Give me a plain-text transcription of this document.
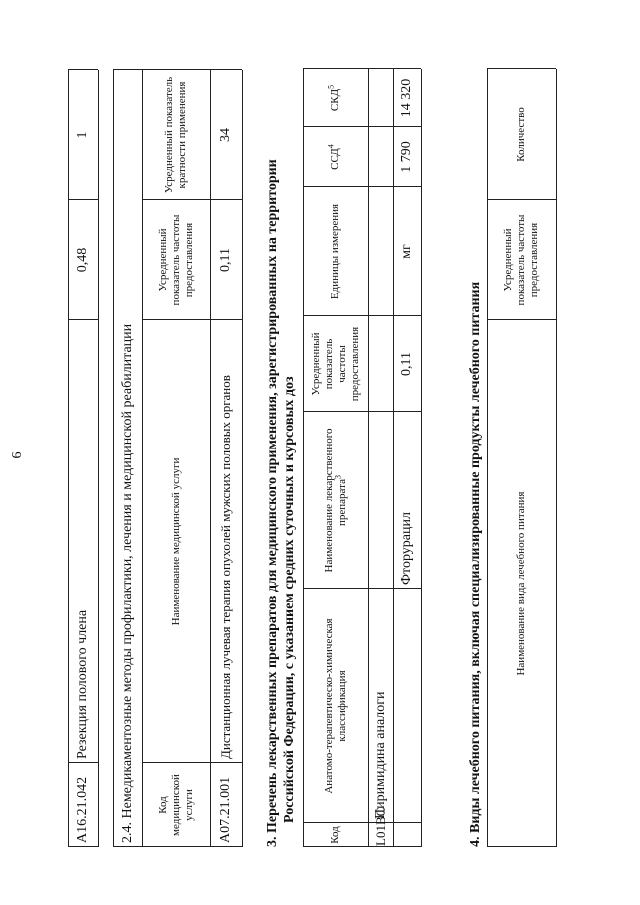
6
A16.21.042
Резекция полового члена
0,48
1
2.4. Немедикаментозные методы профилактики, лечения и медицинской реабилитации	Код медицинской услуги
Наименование медицинской услуги
Усредненный показатель частоты предоставления
Усредненный показатель кратности применения
A07.21.001
Дистанционная лучевая терапия опухолей мужских половых органов
0,11
34
3. Перечень лекарственных препаратов для медицинского применения, зарегистрированных на территории Российской Федерации, с указанием средних суточных и курсовых доз
Код
Анатомо-терапевтическо-химическая классификация
Наименование лекарственного препарата$^3$
Усредненный показатель частоты предоставления
Единицы измерения
ССД$^4$
СКД$^5$
L01BC
Пиримидина аналоги
Фторурацил
0,11
мг
1 790
14 320
4. Виды лечебного питания, включая специализированные продукты лечебного питания	Наименование вида лечебного питания
Усредненный показатель частоты предоставления
Количество
